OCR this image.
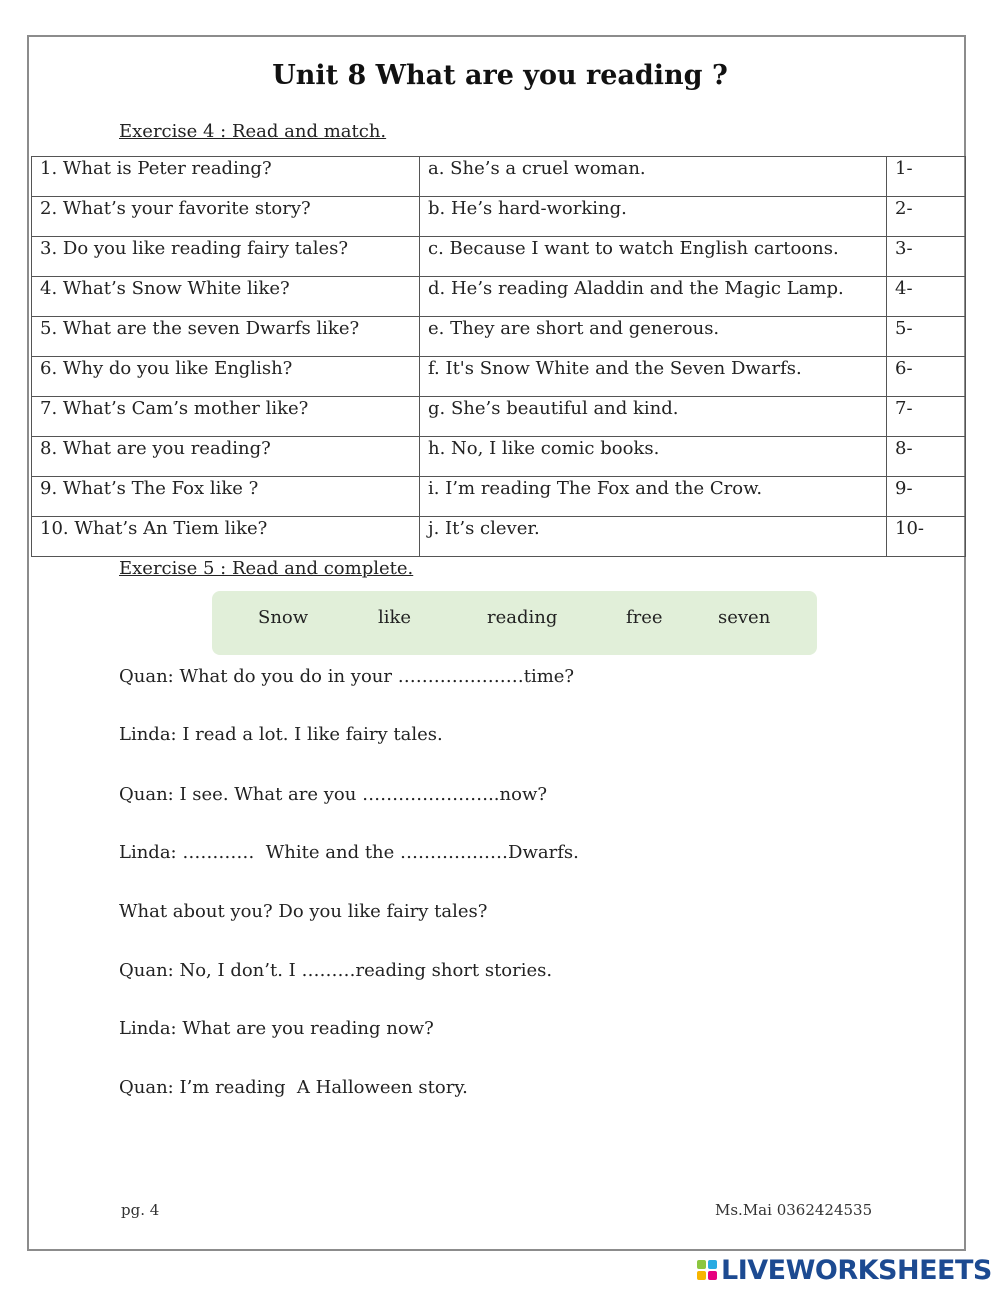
Unit 8 What are you reading ?
Exercise 4 : Read and match.
1. What is Peter reading?	a. She’s a cruel woman.	1-
2. What’s your favorite story?	b. He’s hard-working.	2-
3. Do you like reading fairy tales?	c. Because I want to watch English cartoons.	3-
4. What’s Snow White like?	d. He’s reading Aladdin and the Magic Lamp.	4-
5. What are the seven Dwarfs like?	e. They are short and generous.	5-
6. Why do you like English?	f. It's Snow White and the Seven Dwarfs.	6-
7. What’s Cam’s mother like?	g. She’s beautiful and kind.	7-
8. What are you reading?	h. No, I like comic books.	8-
9. What’s The Fox like ?	i. I’m reading The Fox and the Crow.	9-
10. What’s An Tiem like?	j. It’s clever.	10-
Exercise 5 : Read and complete.
Snow	like	reading	free	seven
Quan: What do you do in your …………………time?
Linda: I read a lot. I like fairy tales.
Quan: I see. What are you …………………..now?
Linda: …………  White and the ………………Dwarfs.
What about you? Do you like fairy tales?
Quan: No, I don’t. I ………reading short stories.
Linda: What are you reading now?
Quan: I’m reading  A Halloween story.
pg. 4	Ms.Mai 0362424535
LIVEWORKSHEETS
